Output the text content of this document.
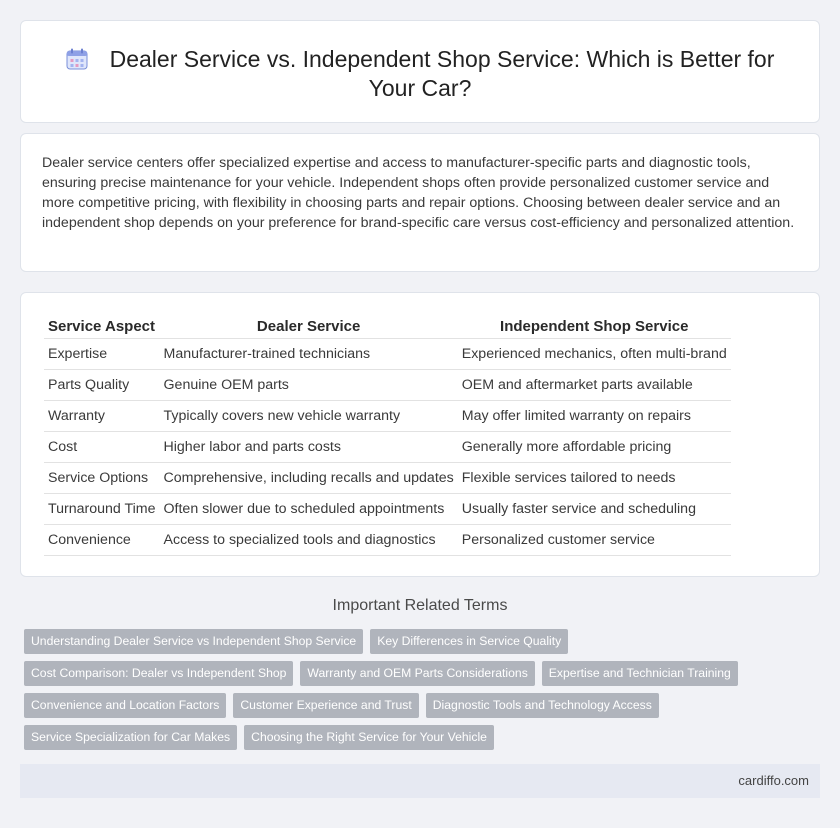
Dealer Service vs. Independent Shop Service: Which is Better for Your Car?

Dealer service centers offer specialized expertise and access to manufacturer-specific parts and diagnostic tools, ensuring precise maintenance for your vehicle. Independent shops often provide personalized customer service and more competitive pricing, with flexibility in choosing parts and repair options. Choosing between dealer service and an independent shop depends on your preference for brand-specific care versus cost-efficiency and personalized attention.

Service Aspect	Dealer Service	Independent Shop Service
Expertise	Manufacturer-trained technicians	Experienced mechanics, often multi-brand
Parts Quality	Genuine OEM parts	OEM and aftermarket parts available
Warranty	Typically covers new vehicle warranty	May offer limited warranty on repairs
Cost	Higher labor and parts costs	Generally more affordable pricing
Service Options	Comprehensive, including recalls and updates	Flexible services tailored to needs
Turnaround Time	Often slower due to scheduled appointments	Usually faster service and scheduling
Convenience	Access to specialized tools and diagnostics	Personalized customer service
Important Related Terms
Understanding Dealer Service vs Independent Shop Service	Key Differences in Service Quality
Cost Comparison: Dealer vs Independent Shop	Warranty and OEM Parts Considerations	Expertise and Technician Training
Convenience and Location Factors	Customer Experience and Trust	Diagnostic Tools and Technology Access
Service Specialization for Car Makes	Choosing the Right Service for Your Vehicle
cardiffo.com
